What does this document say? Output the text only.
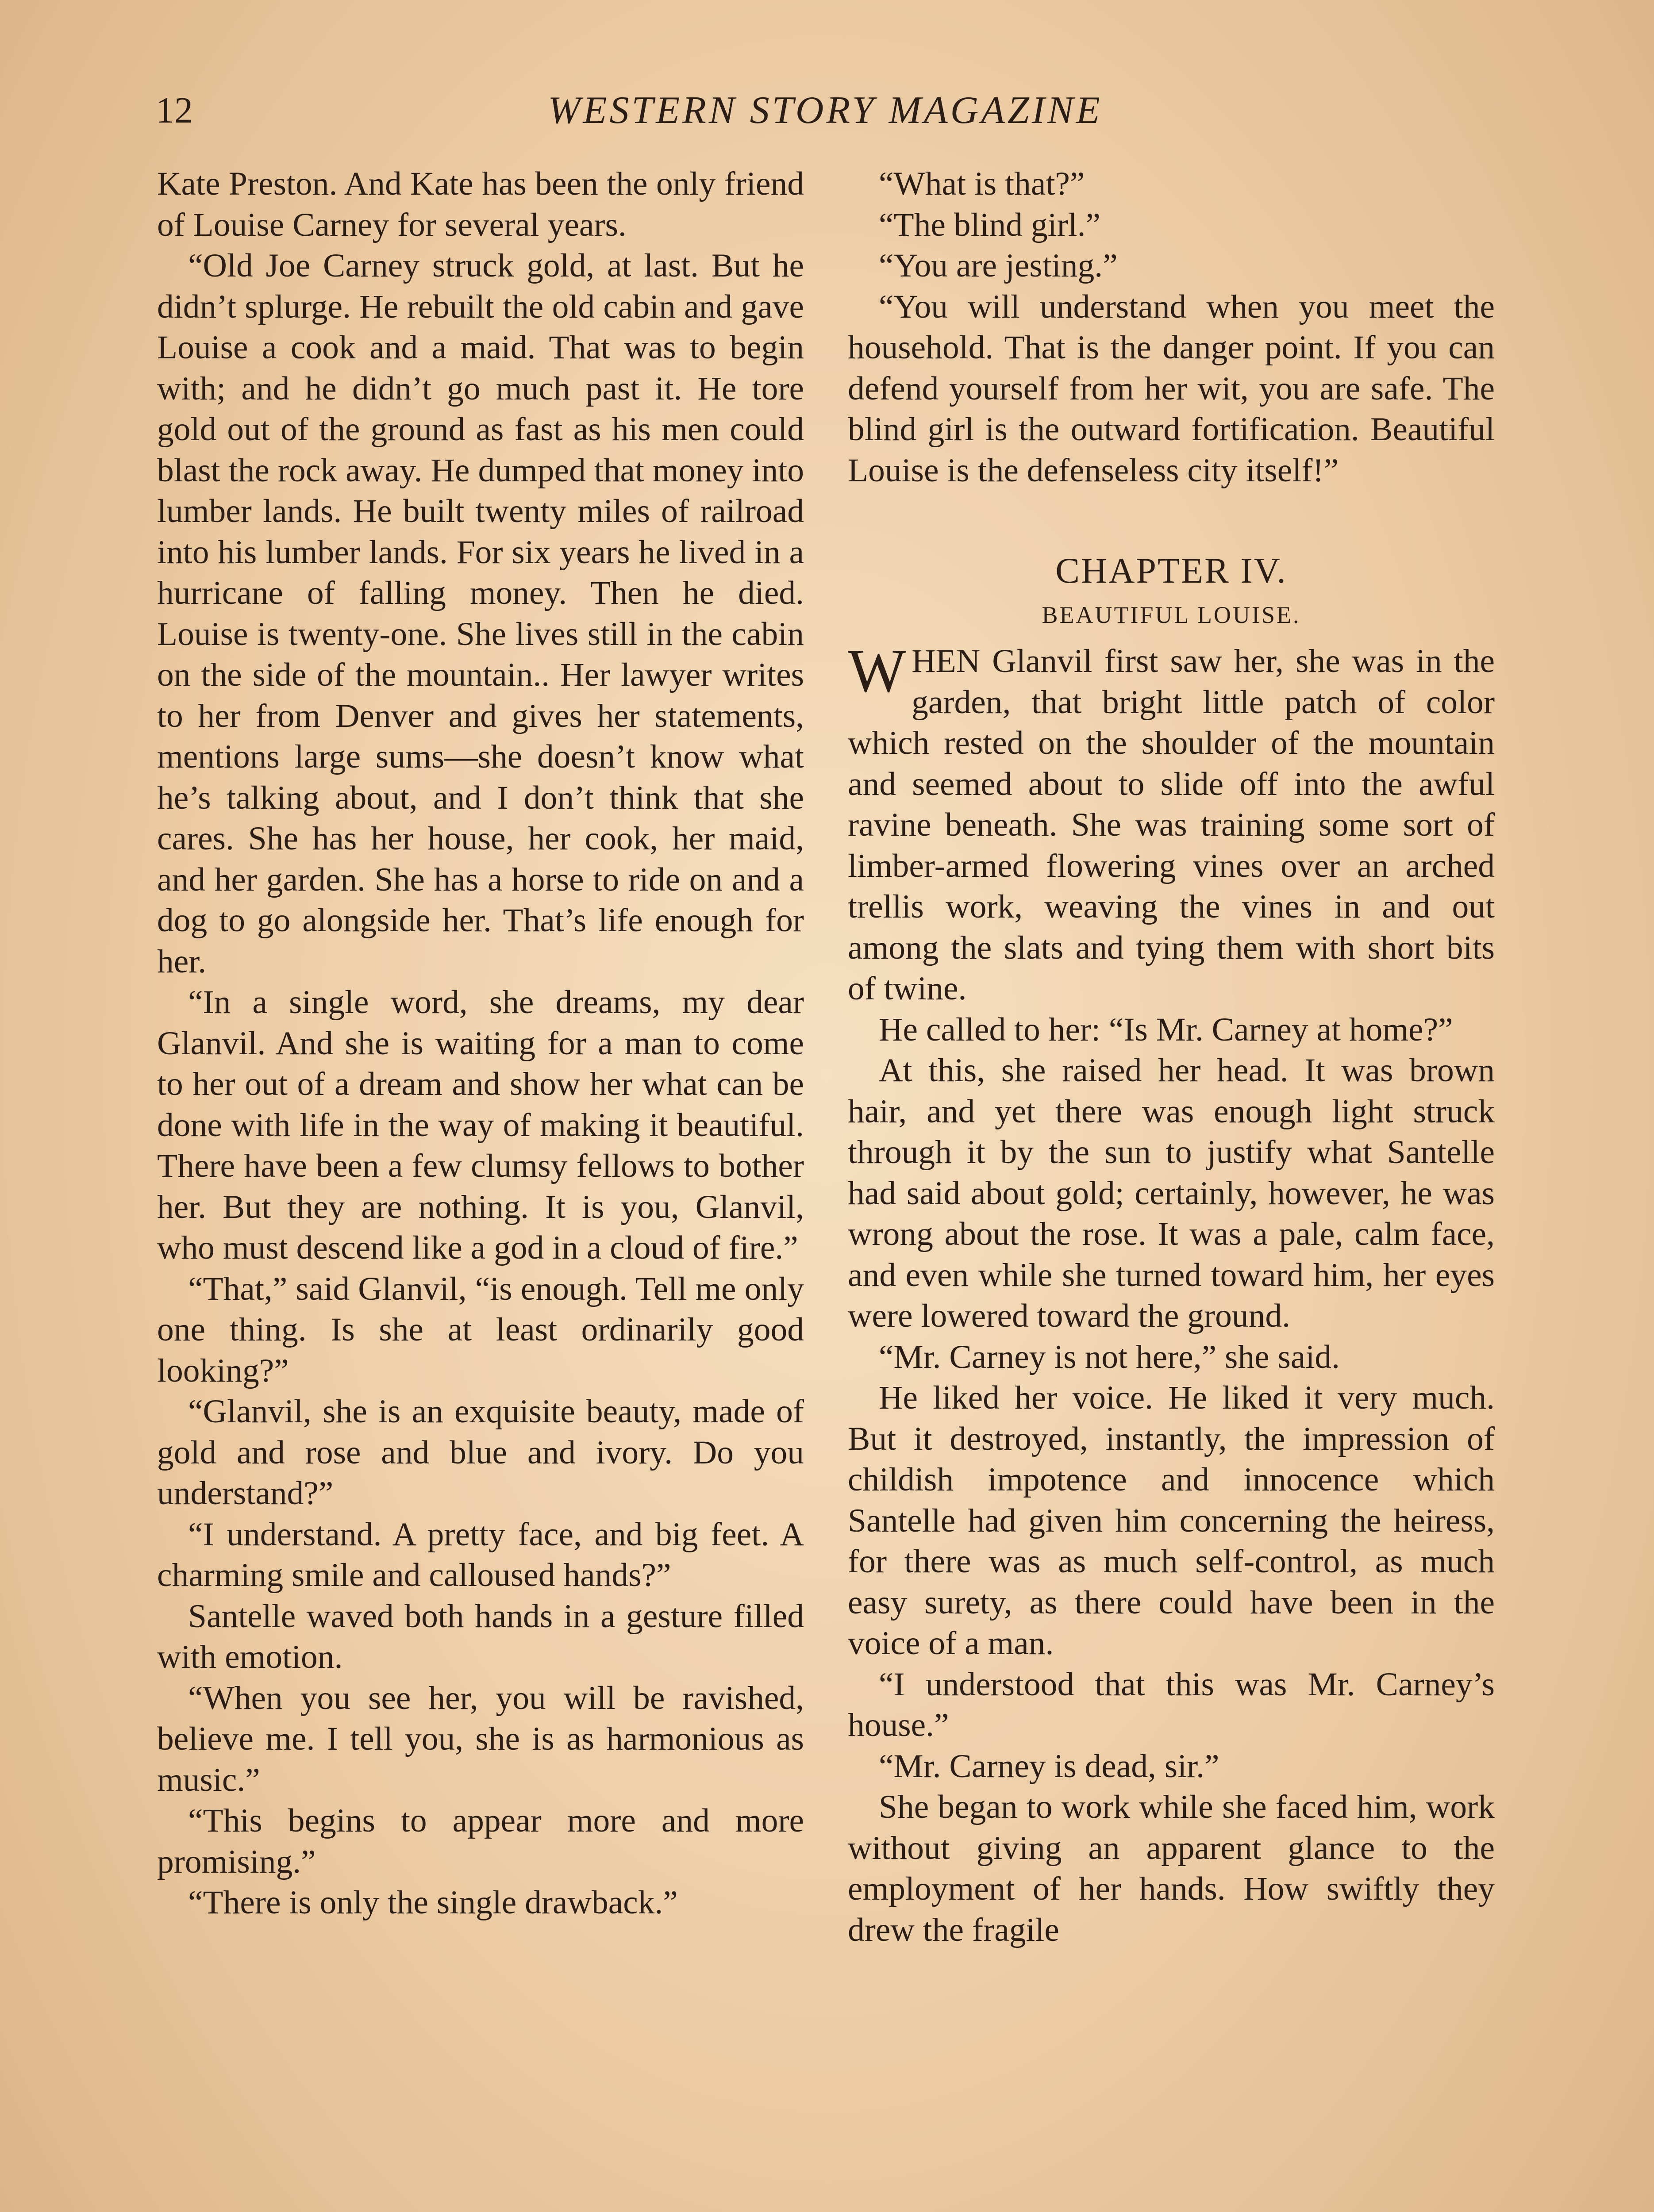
12	WESTERN STORY MAGAZINE

Kate Preston. And Kate has been the only friend of Louise Carney for several years.

“Old Joe Carney struck gold, at last. But he didn’t splurge. He rebuilt the old cabin and gave Louise a cook and a maid. That was to begin with; and he didn’t go much past it. He tore gold out of the ground as fast as his men could blast the rock away. He dumped that money into lumber lands. He built twenty miles of railroad into his lumber lands. For six years he lived in a hurricane of falling money. Then he died. Louise is twenty-one. She lives still in the cabin on the side of the mountain.. Her lawyer writes to her from Denver and gives her statements, mentions large sums—she doesn’t know what he’s talking about, and I don’t think that she cares. She has her house, her cook, her maid, and her garden. She has a horse to ride on and a dog to go alongside her. That’s life enough for her.

“In a single word, she dreams, my dear Glanvil. And she is waiting for a man to come to her out of a dream and show her what can be done with life in the way of making it beautiful. There have been a few clumsy fellows to bother her. But they are nothing. It is you, Glanvil, who must descend like a god in a cloud of fire.”

“That,” said Glanvil, “is enough. Tell me only one thing. Is she at least ordinarily good looking?”

“Glanvil, she is an exquisite beauty, made of gold and rose and blue and ivory. Do you understand?”

“I understand. A pretty face, and big feet. A charming smile and calloused hands?”

Santelle waved both hands in a gesture filled with emotion.

“When you see her, you will be ravished, believe me. I tell you, she is as harmonious as music.”

“This begins to appear more and more promising.”

“There is only the single drawback.”

“What is that?”

“The blind girl.”

“You are jesting.”

“You will understand when you meet the household. That is the danger point. If you can defend yourself from her wit, you are safe. The blind girl is the outward fortification. Beautiful Louise is the defenseless city itself!”

CHAPTER IV.
BEAUTIFUL LOUISE.

WHEN Glanvil first saw her, she was in the garden, that bright little patch of color which rested on the shoulder of the mountain and seemed about to slide off into the awful ravine beneath. She was training some sort of limber-armed flowering vines over an arched trellis work, weaving the vines in and out among the slats and tying them with short bits of twine.

He called to her: “Is Mr. Carney at home?”

At this, she raised her head. It was brown hair, and yet there was enough light struck through it by the sun to justify what Santelle had said about gold; certainly, however, he was wrong about the rose. It was a pale, calm face, and even while she turned toward him, her eyes were lowered toward the ground.

“Mr. Carney is not here,” she said.

He liked her voice. He liked it very much. But it destroyed, instantly, the impression of childish impotence and innocence which Santelle had given him concerning the heiress, for there was as much self-control, as much easy surety, as there could have been in the voice of a man.

“I understood that this was Mr. Carney’s house.”

“Mr. Carney is dead, sir.”

She began to work while she faced him, work without giving an apparent glance to the employment of her hands. How swiftly they drew the fragile
